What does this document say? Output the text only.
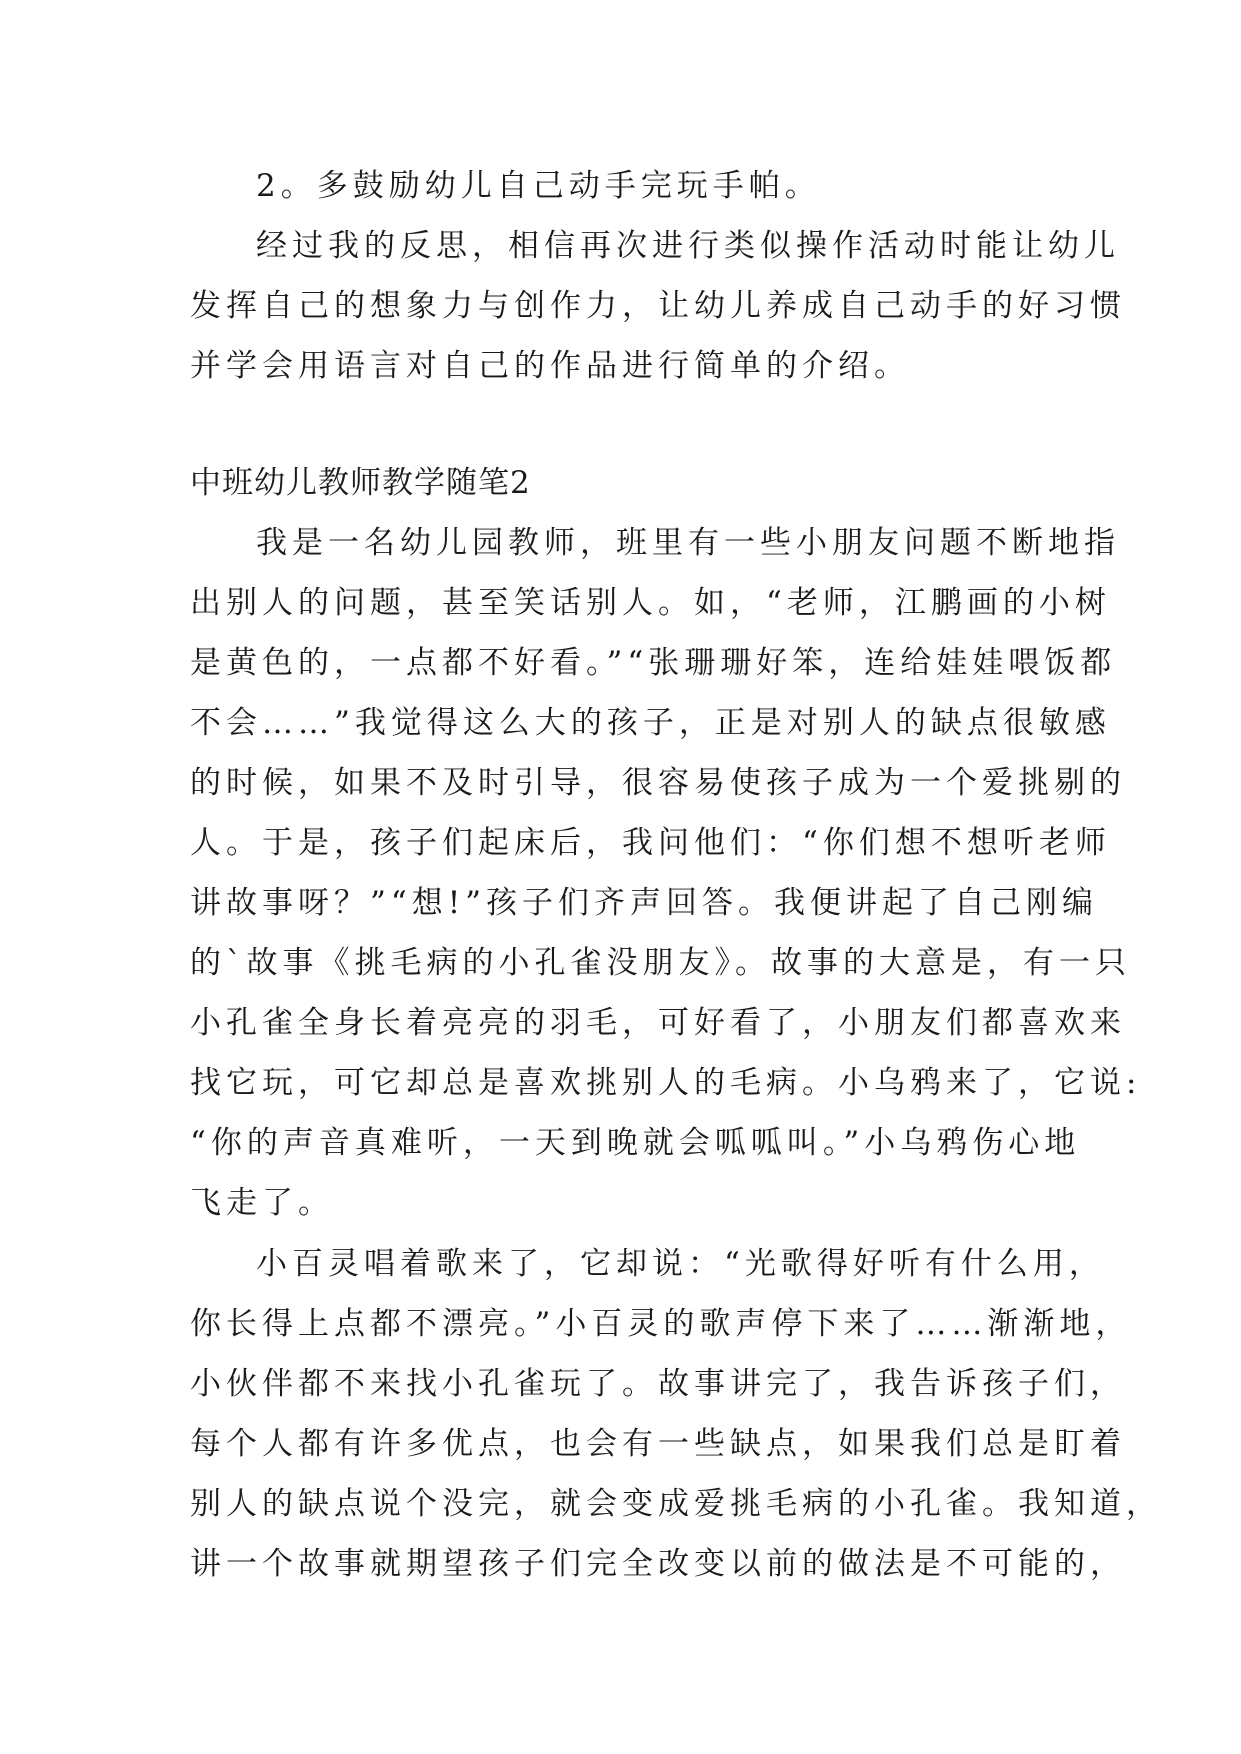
2。多鼓励幼儿自己动手完玩手帕。
经过我的反思，相信再次进行类似操作活动时能让幼儿
发挥自己的想象力与创作力，让幼儿养成自己动手的好习惯
并学会用语言对自己的作品进行简单的介绍。
中班幼儿教师教学随笔2
我是一名幼儿园教师，班里有一些小朋友问题不断地指
出别人的问题，甚至笑话别人。如，“老师，江鹏画的小树
是黄色的，一点都不好看。”“张珊珊好笨，连给娃娃喂饭都
不会……”我觉得这么大的孩子，正是对别人的缺点很敏感
的时候，如果不及时引导，很容易使孩子成为一个爱挑剔的
人。于是，孩子们起床后，我问他们：“你们想不想听老师
讲故事呀？”“想!”孩子们齐声回答。我便讲起了自己刚编
的`故事《挑毛病的小孔雀没朋友》。故事的大意是，有一只
小孔雀全身长着亮亮的羽毛，可好看了，小朋友们都喜欢来
找它玩，可它却总是喜欢挑别人的毛病。小乌鸦来了，它说:
“你的声音真难听，一天到晚就会呱呱叫。”小乌鸦伤心地
飞走了。
小百灵唱着歌来了，它却说：“光歌得好听有什么用，
你长得上点都不漂亮。”小百灵的歌声停下来了……渐渐地，
小伙伴都不来找小孔雀玩了。故事讲完了，我告诉孩子们，
每个人都有许多优点，也会有一些缺点，如果我们总是盯着
别人的缺点说个没完，就会变成爱挑毛病的小孔雀。我知道，
讲一个故事就期望孩子们完全改变以前的做法是不可能的，
